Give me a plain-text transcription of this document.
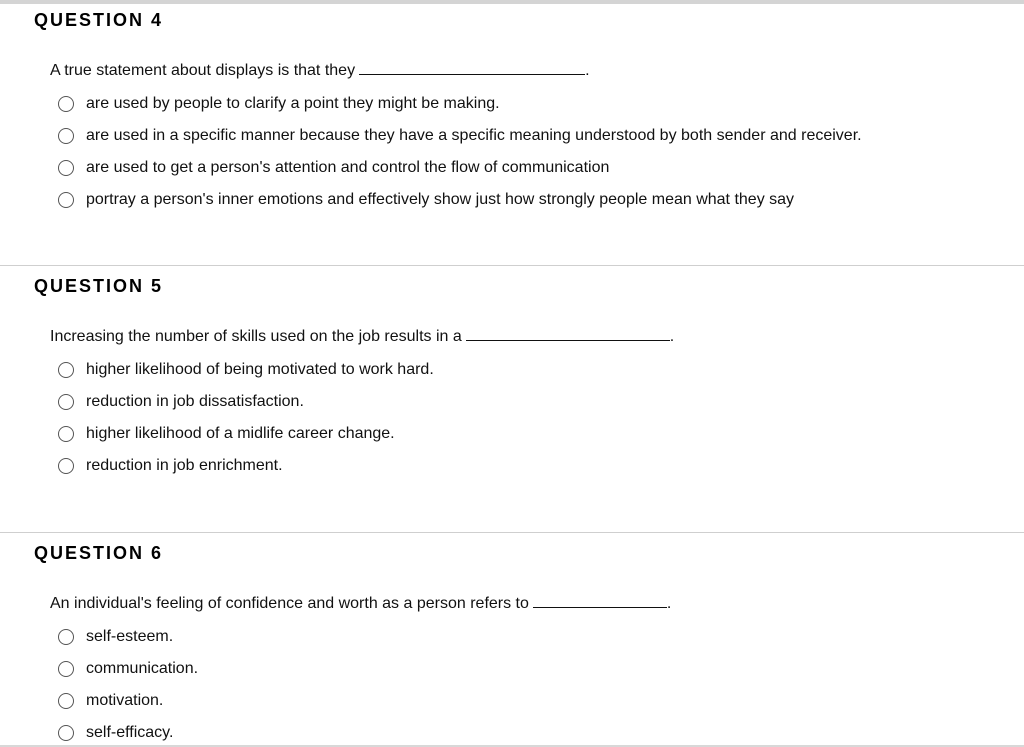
QUESTION 4
A true statement about displays is that they	.
are used by people to clarify a point they might be making.
are used in a specific manner because they have a specific meaning understood by both sender and receiver.
are used to get a person's attention and control the flow of communication
portray a person's inner emotions and effectively show just how strongly people mean what they say
QUESTION 5
Increasing the number of skills used on the job results in a	.
higher likelihood of being motivated to work hard.
reduction in job dissatisfaction.
higher likelihood of a midlife career change.
reduction in job enrichment.
QUESTION 6
An individual's feeling of confidence and worth as a person refers to	.
self-esteem.
communication.
motivation.
self-efficacy.
